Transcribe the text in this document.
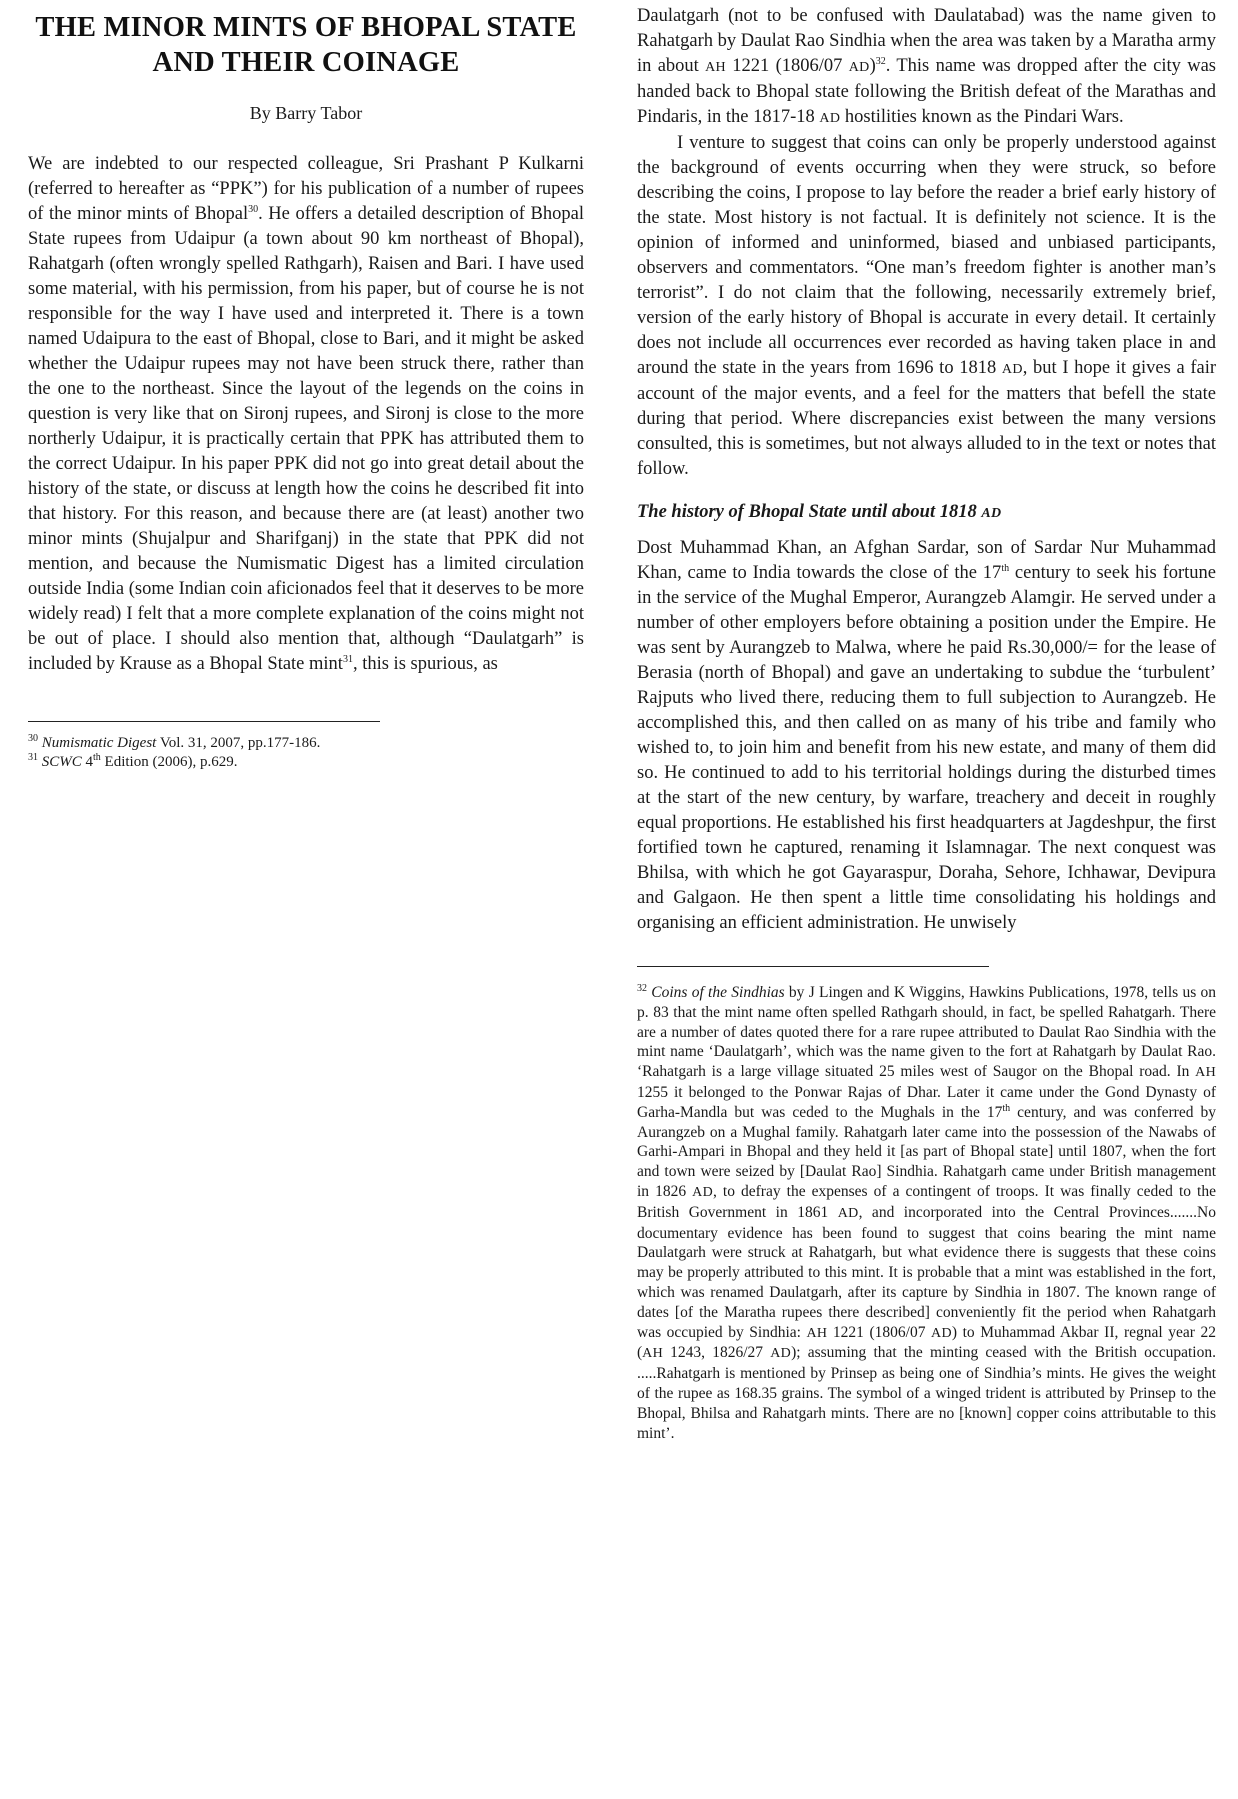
THE MINOR MINTS OF BHOPAL STATE
AND THEIR COINAGE
By Barry Tabor

We are indebted to our respected colleague, Sri Prashant P Kulkarni (referred to hereafter as “PPK”) for his publication of a number of rupees of the minor mints of Bhopal$^{30}$. He offers a detailed description of Bhopal State rupees from Udaipur (a town about 90 km northeast of Bhopal), Rahatgarh (often wrongly spelled Rathgarh), Raisen and Bari. I have used some material, with his permission, from his paper, but of course he is not responsible for the way I have used and interpreted it. There is a town named Udaipura to the east of Bhopal, close to Bari, and it might be asked whether the Udaipur rupees may not have been struck there, rather than the one to the northeast. Since the layout of the legends on the coins in question is very like that on Sironj rupees, and Sironj is close to the more northerly Udaipur, it is practically certain that PPK has attributed them to the correct Udaipur. In his paper PPK did not go into great detail about the history of the state, or discuss at length how the coins he described fit into that history. For this reason, and because there are (at least) another two minor mints (Shujalpur and Sharifganj) in the state that PPK did not mention, and because the Numismatic Digest has a limited circulation outside India (some Indian coin aficionados feel that it deserves to be more widely read) I felt that a more complete explanation of the coins might not be out of place. I should also mention that, although “Daulatgarh” is included by Krause as a Bhopal State mint$^{31}$, this is spurious, as

$^{30}$ Numismatic Digest Vol. 31, 2007, pp.177-186.
$^{31}$ SCWC 4th Edition (2006), p.629.

Daulatgarh (not to be confused with Daulatabad) was the name given to Rahatgarh by Daulat Rao Sindhia when the area was taken by a Maratha army in about AH 1221 (1806/07 AD)$^{32}$. This name was dropped after the city was handed back to Bhopal state following the British defeat of the Marathas and Pindaris, in the 1817-18 AD hostilities known as the Pindari Wars.

I venture to suggest that coins can only be properly understood against the background of events occurring when they were struck, so before describing the coins, I propose to lay before the reader a brief early history of the state. Most history is not factual. It is definitely not science. It is the opinion of informed and uninformed, biased and unbiased participants, observers and commentators. “One man’s freedom fighter is another man’s terrorist”. I do not claim that the following, necessarily extremely brief, version of the early history of Bhopal is accurate in every detail. It certainly does not include all occurrences ever recorded as having taken place in and around the state in the years from 1696 to 1818 AD, but I hope it gives a fair account of the major events, and a feel for the matters that befell the state during that period. Where discrepancies exist between the many versions consulted, this is sometimes, but not always alluded to in the text or notes that follow.

The history of Bhopal State until about 1818 AD

Dost Muhammad Khan, an Afghan Sardar, son of Sardar Nur Muhammad Khan, came to India towards the close of the 17th century to seek his fortune in the service of the Mughal Emperor, Aurangzeb Alamgir. He served under a number of other employers before obtaining a position under the Empire. He was sent by Aurangzeb to Malwa, where he paid Rs.30,000/= for the lease of Berasia (north of Bhopal) and gave an undertaking to subdue the ‘turbulent’ Rajputs who lived there, reducing them to full subjection to Aurangzeb. He accomplished this, and then called on as many of his tribe and family who wished to, to join him and benefit from his new estate, and many of them did so. He continued to add to his territorial holdings during the disturbed times at the start of the new century, by warfare, treachery and deceit in roughly equal proportions. He established his first headquarters at Jagdeshpur, the first fortified town he captured, renaming it Islamnagar. The next conquest was Bhilsa, with which he got Gayaraspur, Doraha, Sehore, Ichhawar, Devipura and Galgaon. He then spent a little time consolidating his holdings and organising an efficient administration. He unwisely

$^{32}$ Coins of the Sindhias by J Lingen and K Wiggins, Hawkins Publications, 1978, tells us on p. 83 that the mint name often spelled Rathgarh should, in fact, be spelled Rahatgarh. There are a number of dates quoted there for a rare rupee attributed to Daulat Rao Sindhia with the mint name ‘Daulatgarh’, which was the name given to the fort at Rahatgarh by Daulat Rao. ‘Rahatgarh is a large village situated 25 miles west of Saugor on the Bhopal road. In AH 1255 it belonged to the Ponwar Rajas of Dhar. Later it came under the Gond Dynasty of Garha-Mandla but was ceded to the Mughals in the 17th century, and was conferred by Aurangzeb on a Mughal family. Rahatgarh later came into the possession of the Nawabs of Garhi-Ampari in Bhopal and they held it [as part of Bhopal state] until 1807, when the fort and town were seized by [Daulat Rao] Sindhia. Rahatgarh came under British management in 1826 AD, to defray the expenses of a contingent of troops. It was finally ceded to the British Government in 1861 AD, and incorporated into the Central Provinces.......No documentary evidence has been found to suggest that coins bearing the mint name Daulatgarh were struck at Rahatgarh, but what evidence there is suggests that these coins may be properly attributed to this mint. It is probable that a mint was established in the fort, which was renamed Daulatgarh, after its capture by Sindhia in 1807. The known range of dates [of the Maratha rupees there described] conveniently fit the period when Rahatgarh was occupied by Sindhia: AH 1221 (1806/07 AD) to Muhammad Akbar II, regnal year 22 (AH 1243, 1826/27 AD); assuming that the minting ceased with the British occupation. .....Rahatgarh is mentioned by Prinsep as being one of Sindhia’s mints. He gives the weight of the rupee as 168.35 grains. The symbol of a winged trident is attributed by Prinsep to the Bhopal, Bhilsa and Rahatgarh mints. There are no [known] copper coins attributable to this mint’.
